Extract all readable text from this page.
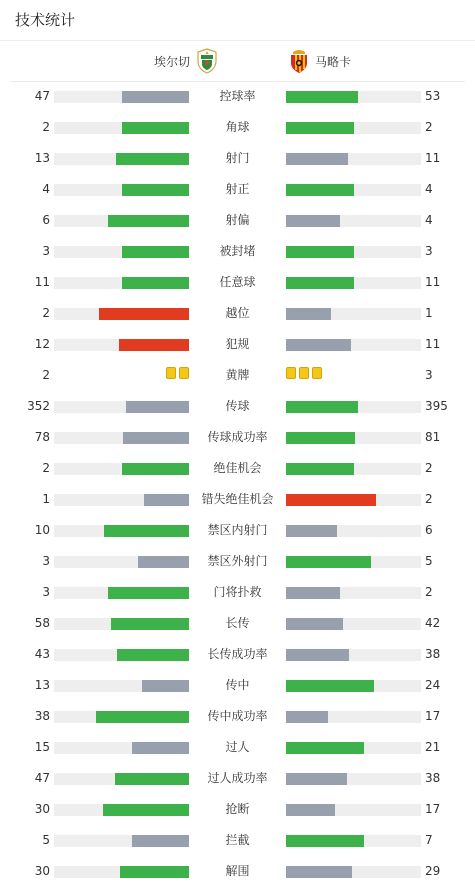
技术统计
埃尔切	马略卡
47	控球率	53
2	角球	2
13	射门	11
4	射正	4
6	射偏	4
3	被封堵	3
11	任意球	11
2	越位	1
12	犯规	11
2	黄牌	3
352	传球	395
78	传球成功率	81
2	绝佳机会	2
1	错失绝佳机会	2
10	禁区内射门	6
3	禁区外射门	5
3	门将扑救	2
58	长传	42
43	长传成功率	38
13	传中	24
38	传中成功率	17
15	过人	21
47	过人成功率	38
30	抢断	17
5	拦截	7
30	解围	29
